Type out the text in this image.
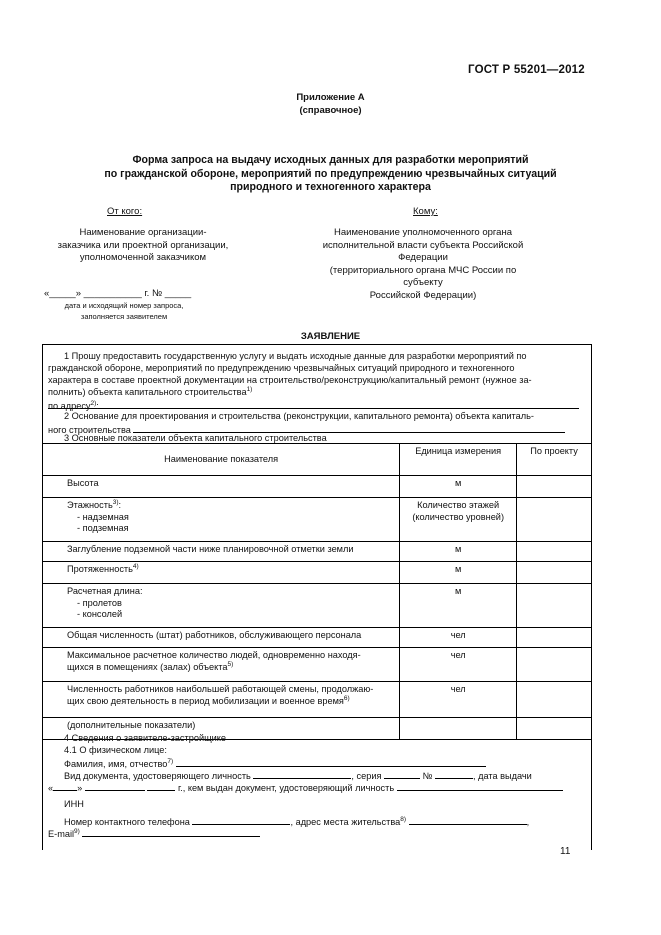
ГОСТ Р 55201—2012
Приложение А
(справочное)
Форма запроса на выдачу исходных данных для разработки мероприятий
по гражданской обороне, мероприятий по предупреждению чрезвычайных ситуаций
природного и техногенного характера
От кого:	Кому:
Наименование организации-
заказчика или проектной организации,
уполномоченной заказчиком
Наименование уполномоченного органа
исполнительной власти субъекта Российской
Федерации
(территориального органа МЧС России по субъекту
Российской Федерации)
«_____» ___________ г. № _____
дата и исходящий номер запроса,
заполняется заявителем
ЗАЯВЛЕНИЕ
1 Прошу предоставить государственную услугу и выдать исходные данные для разработки мероприятий по
гражданской обороне, мероприятий по предупреждению чрезвычайных ситуаций природного и техногенного
характера в составе проектной документации на строительство/реконструкцию/капитальный ремонт (нужное за-
полнить) объекта капитального строительства$^{1)}$
по адресу$^{2)}$:
2 Основание для проектирования и строительства (реконструкции, капитального ремонта) объекта капиталь-
ного строительства
3 Основные показатели объекта капитального строительства
Наименование показателя	Единица измерения	По проекту
Высота	м	
Этажность$^{3)}$:
- надземная
- подземная	Количество этажей (количество уровней)	
Заглубление подземной части ниже планировочной отметки земли	м	
Протяженность$^{4)}$	м	
Расчетная длина:
- пролетов
- консолей	м	
Общая численность (штат) работников, обслуживающего персонала	чел	
Максимальное расчетное количество людей, одновременно находя-
щихся в помещениях (залах) объекта$^{5)}$	чел	
Численность работников наибольшей работающей смены, продолжаю-
щих свою деятельность в период мобилизации и военное время$^{6)}$	чел	
(дополнительные показатели)		
4 Сведения о заявителе-застройщике
4.1 О физическом лице:
Фамилия, имя, отчество$^{7)}$
Вид документа, удостоверяющего личность	, серия	№	, дата выдачи
«	»	г., кем выдан документ, удостоверяющий личность
ИНН
Номер контактного телефона	, адрес места жительства$^{8)}$	,
E-mail$^{9)}$
11
